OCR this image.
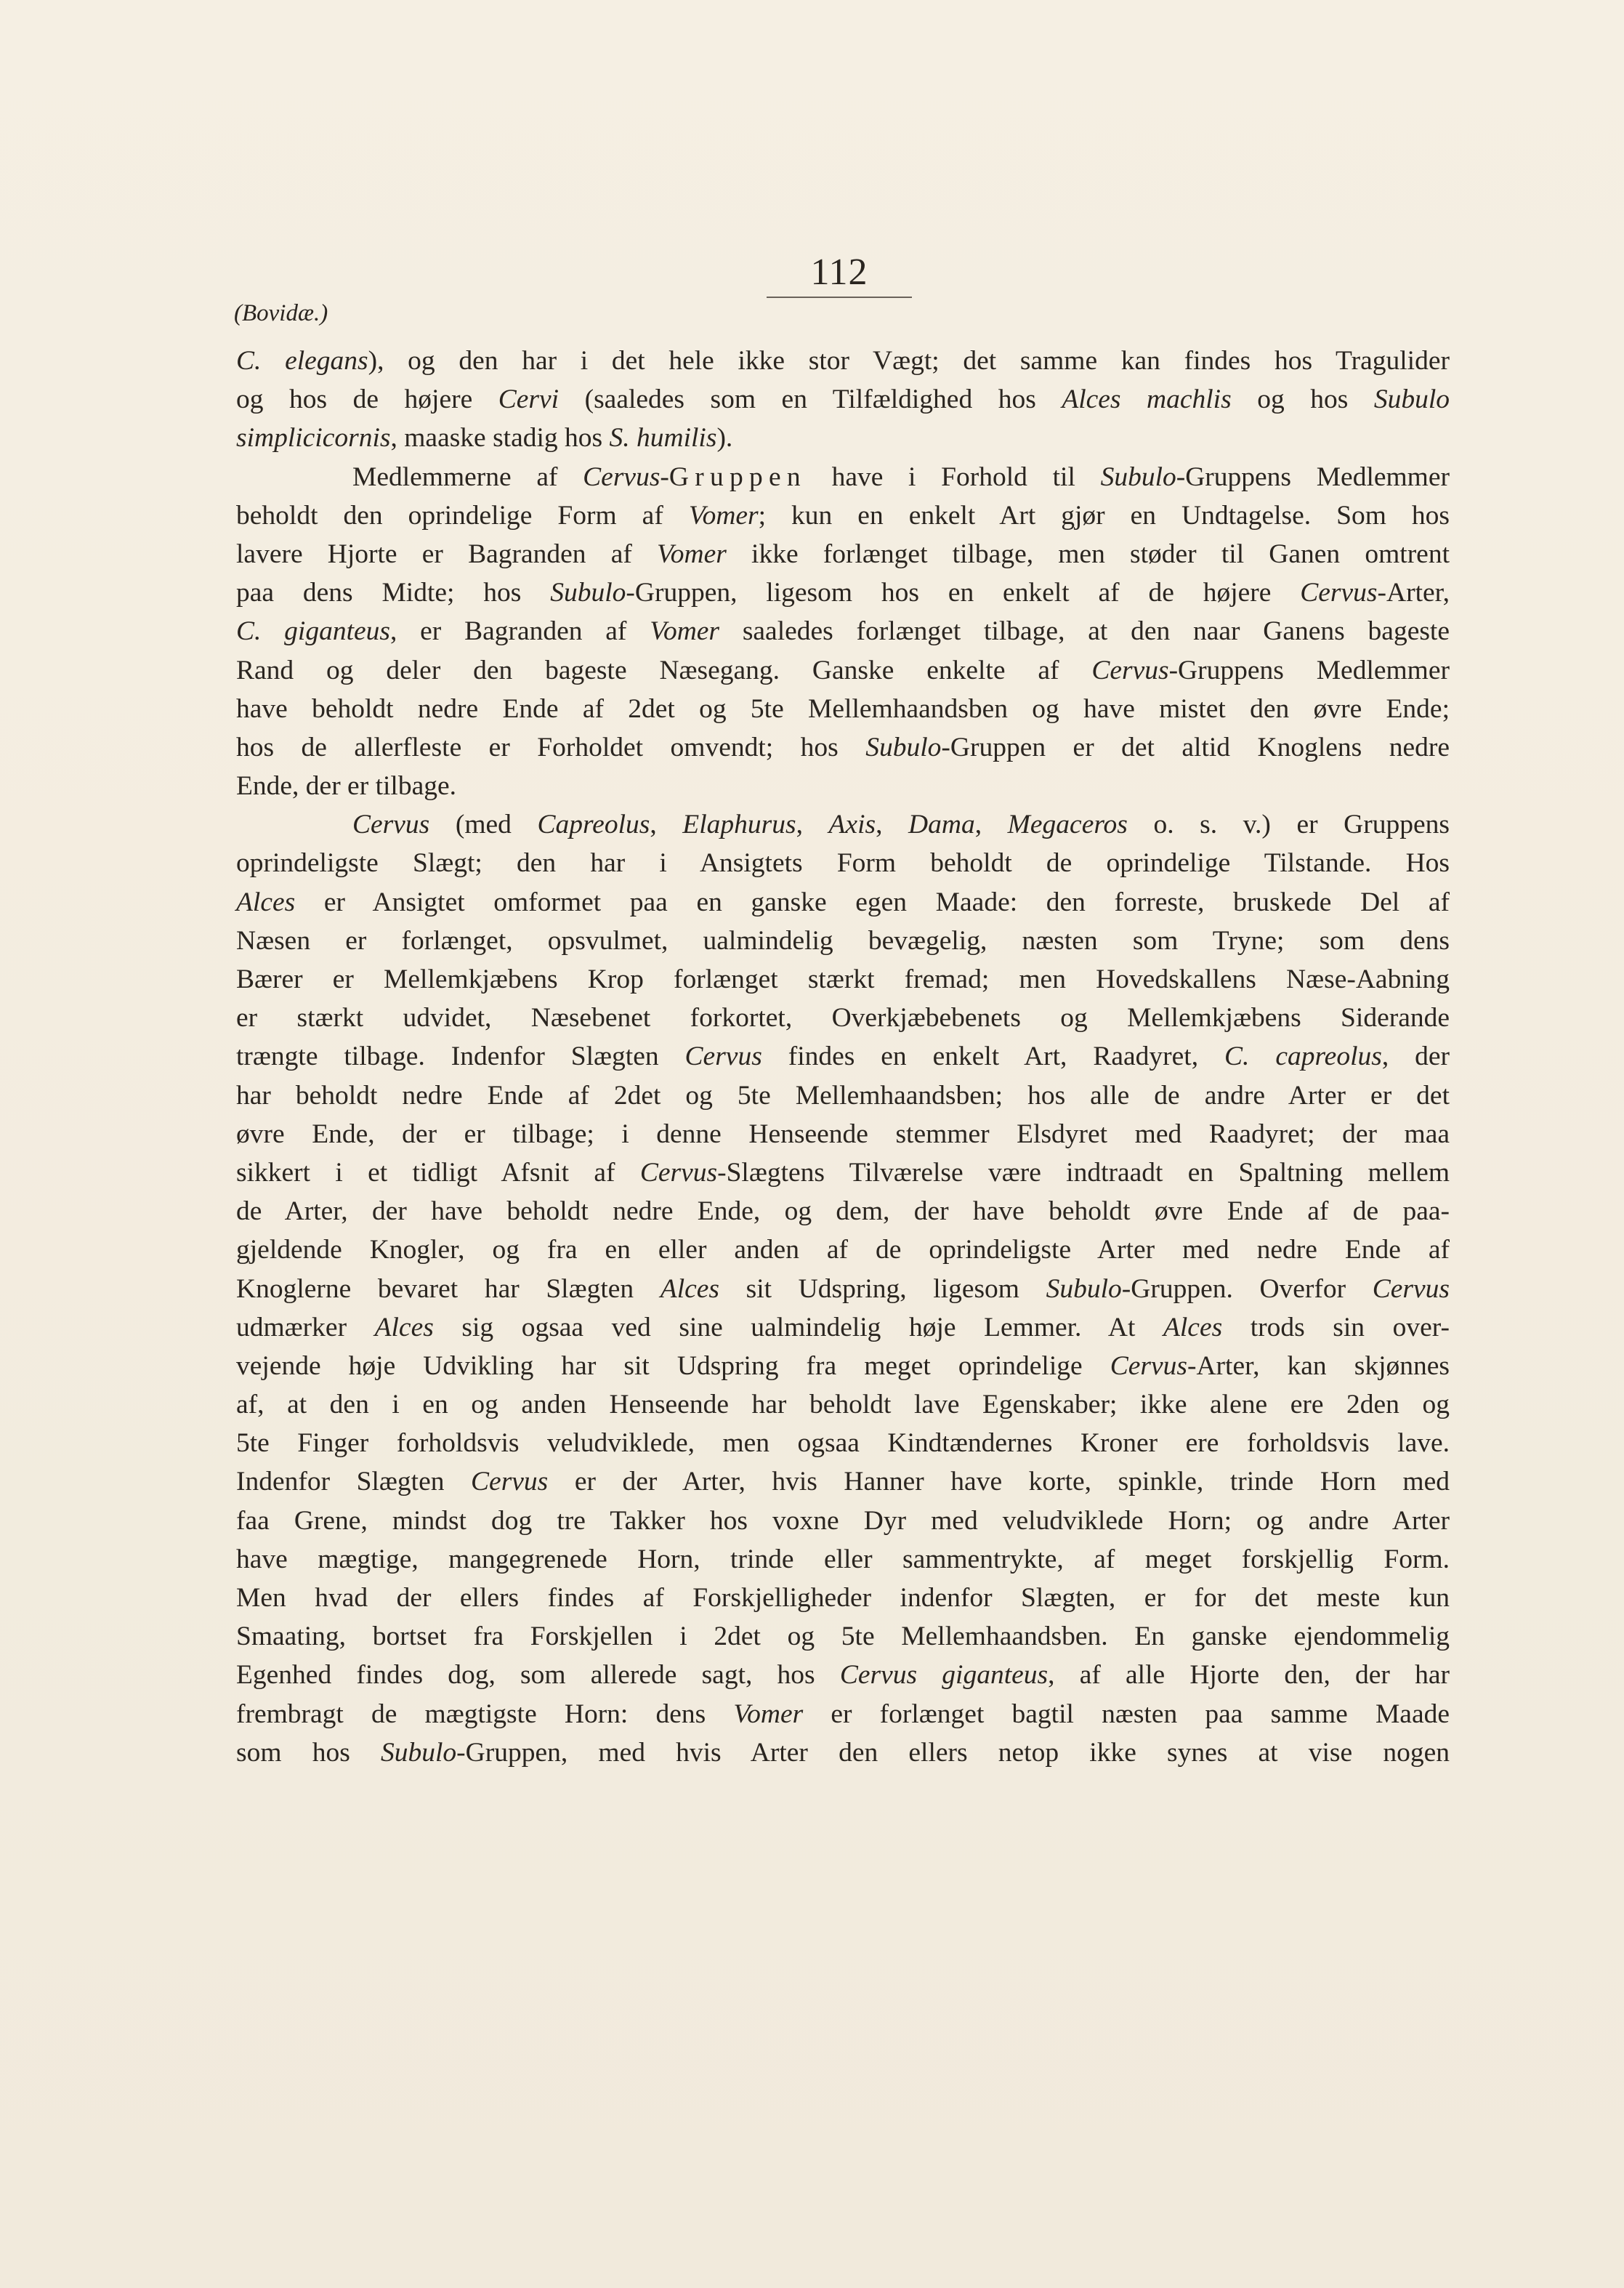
112
(Bovidæ.)
C. elegans), og den har i det hele ikke stor Vægt; det samme kan findes hos Tragulider
og hos de højere Cervi (saaledes som en Tilfældighed hos Alces machlis og hos Subulo
simplicicornis, maaske stadig hos S. humilis).
Medlemmerne af Cervus-Gruppen have i Forhold til Subulo-Gruppens Medlemmer
beholdt den oprindelige Form af Vomer; kun en enkelt Art gjør en Undtagelse. Som hos
lavere Hjorte er Bagranden af Vomer ikke forlænget tilbage, men støder til Ganen omtrent
paa dens Midte; hos Subulo-Gruppen, ligesom hos en enkelt af de højere Cervus-Arter,
C. giganteus, er Bagranden af Vomer saaledes forlænget tilbage, at den naar Ganens bageste
Rand og deler den bageste Næsegang. Ganske enkelte af Cervus-Gruppens Medlemmer
have beholdt nedre Ende af 2det og 5te Mellemhaandsben og have mistet den øvre Ende;
hos de allerfleste er Forholdet omvendt; hos Subulo-Gruppen er det altid Knoglens nedre
Ende, der er tilbage.
Cervus (med Capreolus, Elaphurus, Axis, Dama, Megaceros o. s. v.) er Gruppens
oprindeligste Slægt; den har i Ansigtets Form beholdt de oprindelige Tilstande. Hos
Alces er Ansigtet omformet paa en ganske egen Maade: den forreste, bruskede Del af
Næsen er forlænget, opsvulmet, ualmindelig bevægelig, næsten som Tryne; som dens
Bærer er Mellemkjæbens Krop forlænget stærkt fremad; men Hovedskallens Næse-Aabning
er stærkt udvidet, Næsebenet forkortet, Overkjæbebenets og Mellemkjæbens Siderande
trængte tilbage. Indenfor Slægten Cervus findes en enkelt Art, Raadyret, C. capreolus, der
har beholdt nedre Ende af 2det og 5te Mellemhaandsben; hos alle de andre Arter er det
øvre Ende, der er tilbage; i denne Henseende stemmer Elsdyret med Raadyret; der maa
sikkert i et tidligt Afsnit af Cervus-Slægtens Tilværelse være indtraadt en Spaltning mellem
de Arter, der have beholdt nedre Ende, og dem, der have beholdt øvre Ende af de paa-
gjeldende Knogler, og fra en eller anden af de oprindeligste Arter med nedre Ende af
Knoglerne bevaret har Slægten Alces sit Udspring, ligesom Subulo-Gruppen. Overfor Cervus
udmærker Alces sig ogsaa ved sine ualmindelig høje Lemmer. At Alces trods sin over-
vejende høje Udvikling har sit Udspring fra meget oprindelige Cervus-Arter, kan skjønnes
af, at den i en og anden Henseende har beholdt lave Egenskaber; ikke alene ere 2den og
5te Finger forholdsvis veludviklede, men ogsaa Kindtændernes Kroner ere forholdsvis lave.
Indenfor Slægten Cervus er der Arter, hvis Hanner have korte, spinkle, trinde Horn med
faa Grene, mindst dog tre Takker hos voxne Dyr med veludviklede Horn; og andre Arter
have mægtige, mangegrenede Horn, trinde eller sammentrykte, af meget forskjellig Form.
Men hvad der ellers findes af Forskjelligheder indenfor Slægten, er for det meste kun
Smaating, bortset fra Forskjellen i 2det og 5te Mellemhaandsben. En ganske ejendommelig
Egenhed findes dog, som allerede sagt, hos Cervus giganteus, af alle Hjorte den, der har
frembragt de mægtigste Horn: dens Vomer er forlænget bagtil næsten paa samme Maade
som hos Subulo-Gruppen, med hvis Arter den ellers netop ikke synes at vise nogen
